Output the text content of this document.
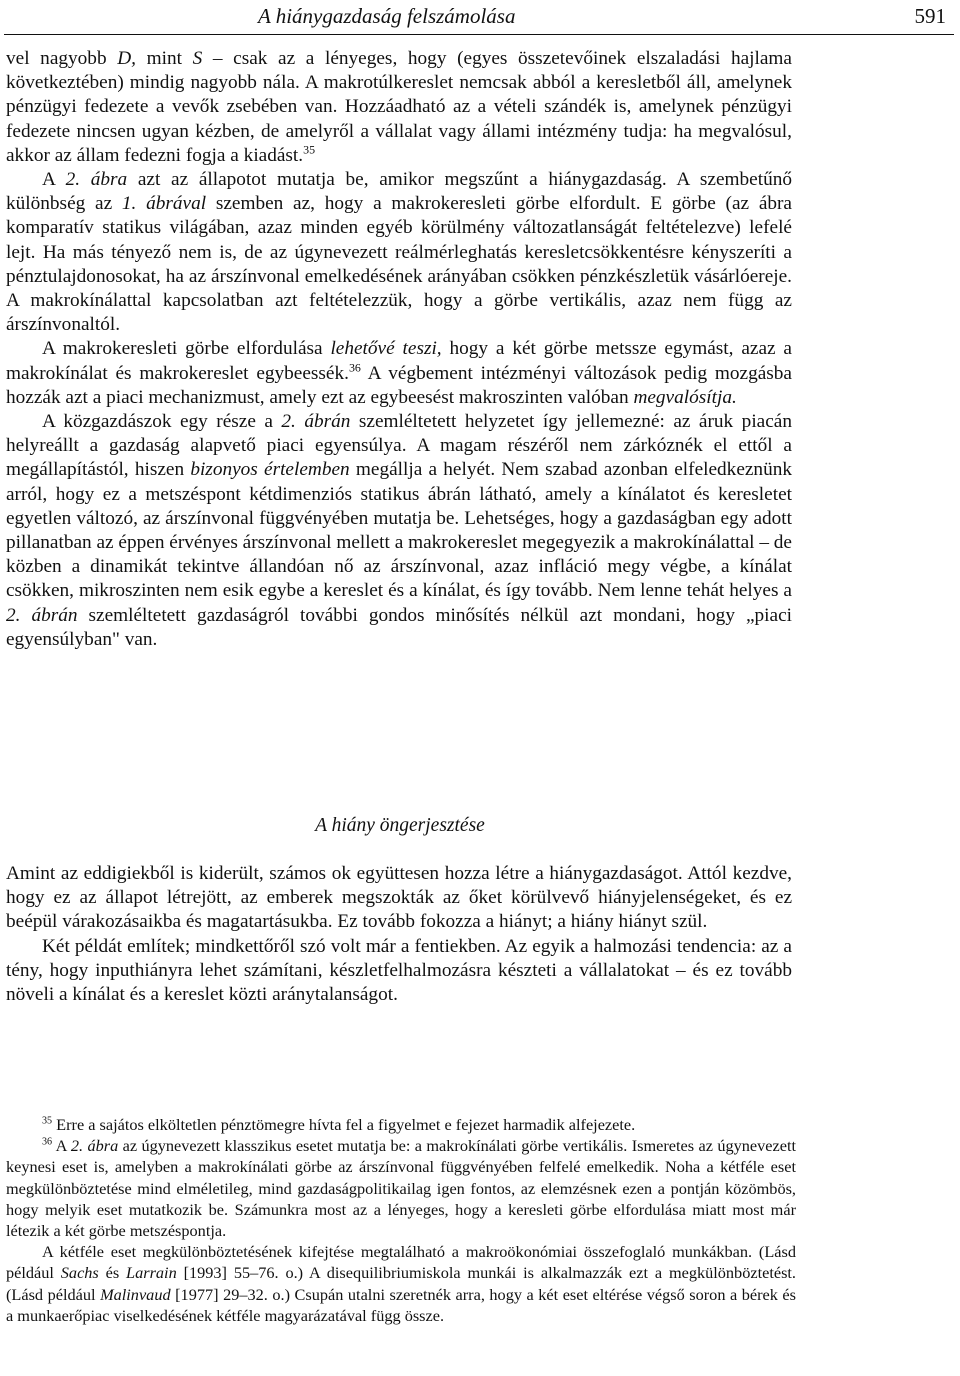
A hiánygazdaság felszámolása	591

vel nagyobb D, mint S – csak az a lényeges, hogy (egyes összetevőinek elszaladási hajlama következtében) mindig nagyobb nála. A makrotúlkereslet nemcsak abból a keresletből áll, amelynek pénzügyi fedezete a vevők zsebében van. Hozzáadható az a vételi szándék is, amelynek pénzügyi fedezete nincsen ugyan kézben, de amelyről a vállalat vagy állami intézmény tudja: ha megvalósul, akkor az állam fedezni fogja a kiadást.$^{35}$

A 2. ábra azt az állapotot mutatja be, amikor megszűnt a hiánygazdaság. A szembetűnő különbség az 1. ábrával szemben az, hogy a makrokeresleti görbe elfordult. E görbe (az ábra komparatív statikus világában, azaz minden egyéb körülmény változatlanságát feltételezve) lefelé lejt. Ha más tényező nem is, de az úgynevezett reálmérleghatás keresletcsökkentésre kényszeríti a pénztulajdonosokat, ha az árszínvonal emelkedésének arányában csökken pénzkészletük vásárlóereje. A makrokínálattal kapcsolatban azt feltételezzük, hogy a görbe vertikális, azaz nem függ az árszínvonaltól.

A makrokeresleti görbe elfordulása lehetővé teszi, hogy a két görbe metssze egymást, azaz a makrokínálat és makrokereslet egybeessék.$^{36}$ A végbement intézményi változások pedig mozgásba hozzák azt a piaci mechanizmust, amely ezt az egybeesést makroszinten valóban megvalósítja.

A közgazdászok egy része a 2. ábrán szemléltetett helyzetet így jellemezné: az áruk piacán helyreállt a gazdaság alapvető piaci egyensúlya. A magam részéről nem zárkóznék el ettől a megállapítástól, hiszen bizonyos értelemben megállja a helyét. Nem szabad azonban elfeledkeznünk arról, hogy ez a metszéspont kétdimenziós statikus ábrán látható, amely a kínálatot és keresletet egyetlen változó, az árszínvonal függvényében mutatja be. Lehetséges, hogy a gazdaságban egy adott pillanatban az éppen érvényes árszínvonal mellett a makrokereslet megegyezik a makrokínálattal – de közben a dinamikát tekintve állandóan nő az árszínvonal, azaz infláció megy végbe, a kínálat csökken, mikroszinten nem esik egybe a kereslet és a kínálat, és így tovább. Nem lenne tehát helyes a 2. ábrán szemléltetett gazdaságról további gondos minősítés nélkül azt mondani, hogy „piaci egyensúlyban" van.

A hiány öngerjesztése

Amint az eddigiekből is kiderült, számos ok együttesen hozza létre a hiánygazdaságot. Attól kezdve, hogy ez az állapot létrejött, az emberek megszokták az őket körülvevő hiányjelenségeket, és ez beépül várakozásaikba és magatartásukba. Ez tovább fokozza a hiányt; a hiány hiányt szül.

Két példát említek; mindkettőről szó volt már a fentiekben. Az egyik a halmozási tendencia: az a tény, hogy inputhiányra lehet számítani, készletfelhalmozásra készteti a vállalatokat – és ez tovább növeli a kínálat és a kereslet közti aránytalanságot.

$^{35}$ Erre a sajátos elköltetlen pénztömegre hívta fel a figyelmet e fejezet harmadik alfejezete.

$^{36}$ A 2. ábra az úgynevezett klasszikus esetet mutatja be: a makrokínálati görbe vertikális. Ismeretes az úgynevezett keynesi eset is, amelyben a makrokínálati görbe az árszínvonal függvényében felfelé emelkedik. Noha a kétféle eset megkülönböztetése mind elméletileg, mind gazdaságpolitikailag igen fontos, az elemzésnek ezen a pontján közömbös, hogy melyik eset mutatkozik be. Számunkra most az a lényeges, hogy a keresleti görbe elfordulása miatt most már létezik a két görbe metszéspontja.

A kétféle eset megkülönböztetésének kifejtése megtalálható a makroökonómiai összefoglaló munkákban. (Lásd például Sachs és Larrain [1993] 55–76. o.) A disequilibriumiskola munkái is alkalmazzák ezt a megkülönböztetést. (Lásd például Malinvaud [1977] 29–32. o.) Csupán utalni szeretnék arra, hogy a két eset eltérése végső soron a bérek és a munkaerőpiac viselkedésének kétféle magyarázatával függ össze.
